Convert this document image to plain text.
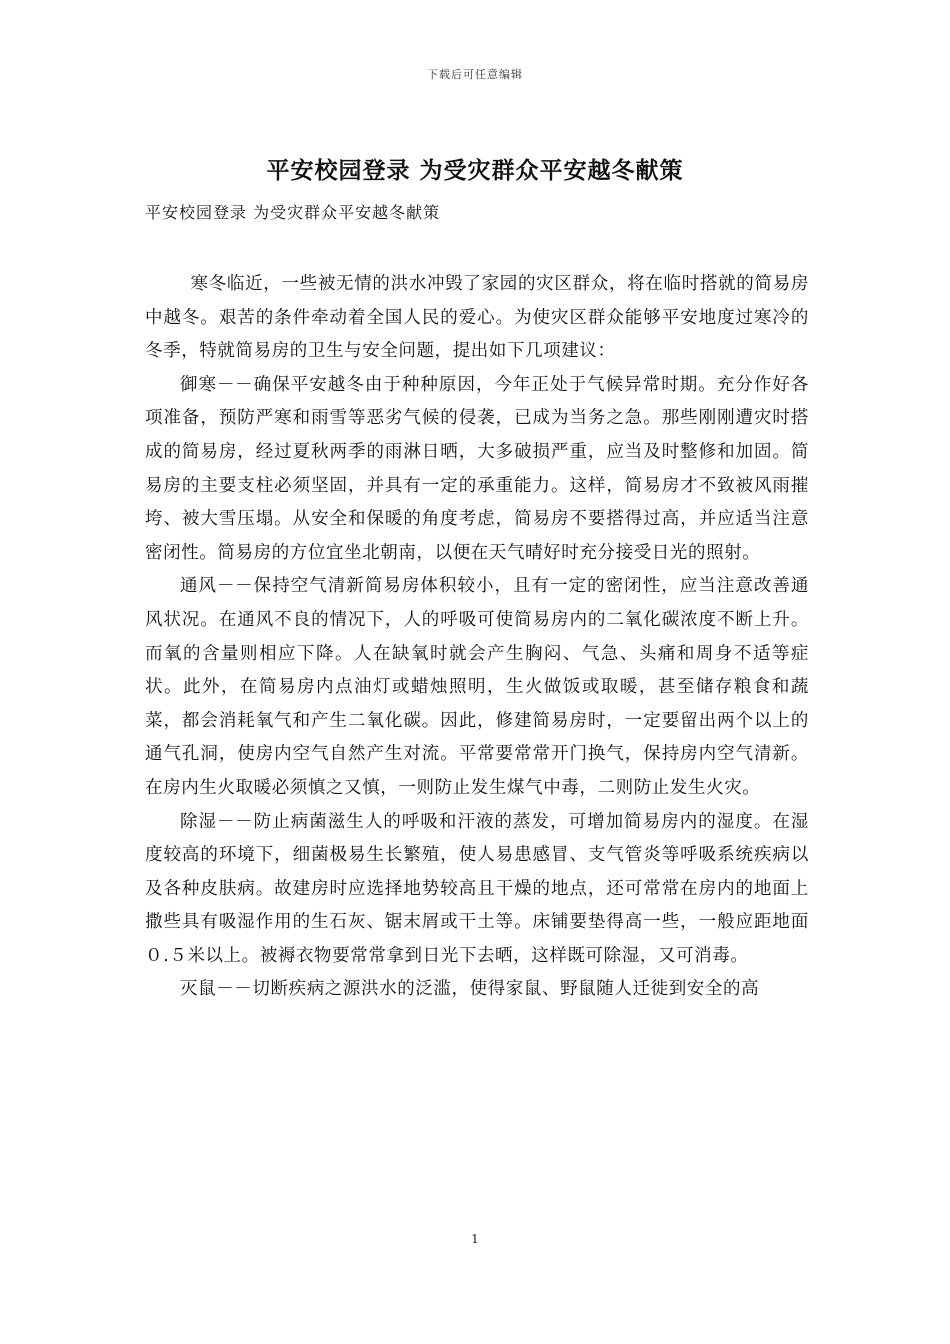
下载后可任意编辑
平安校园登录 为受灾群众平安越冬献策
平安校园登录 为受灾群众平安越冬献策

寒冬临近，一些被无情的洪水冲毁了家园的灾区群众，将在临时搭就的简易房中越冬。艰苦的条件牵动着全国人民的爱心。为使灾区群众能够平安地度过寒冷的冬季，特就简易房的卫生与安全问题，提出如下几项建议：

御寒－－确保平安越冬由于种种原因，今年正处于气候异常时期。充分作好各项准备，预防严寒和雨雪等恶劣气候的侵袭，已成为当务之急。那些刚刚遭灾时搭成的简易房，经过夏秋两季的雨淋日晒，大多破损严重，应当及时整修和加固。简易房的主要支柱必须坚固，并具有一定的承重能力。这样，简易房才不致被风雨摧垮、被大雪压塌。从安全和保暖的角度考虑，简易房不要搭得过高，并应适当注意密闭性。简易房的方位宜坐北朝南，以便在天气晴好时充分接受日光的照射。

通风－－保持空气清新简易房体积较小，且有一定的密闭性，应当注意改善通风状况。在通风不良的情况下，人的呼吸可使简易房内的二氧化碳浓度不断上升。而氧的含量则相应下降。人在缺氧时就会产生胸闷、气急、头痛和周身不适等症状。此外，在简易房内点油灯或蜡烛照明，生火做饭或取暖，甚至储存粮食和蔬菜，都会消耗氧气和产生二氧化碳。因此，修建简易房时，一定要留出两个以上的通气孔洞，使房内空气自然产生对流。平常要常常开门换气，保持房内空气清新。在房内生火取暖必须慎之又慎，一则防止发生煤气中毒，二则防止发生火灾。

除湿－－防止病菌滋生人的呼吸和汗液的蒸发，可增加简易房内的湿度。在湿度较高的环境下，细菌极易生长繁殖，使人易患感冒、支气管炎等呼吸系统疾病以及各种皮肤病。故建房时应选择地势较高且干燥的地点，还可常常在房内的地面上撒些具有吸湿作用的生石灰、锯末屑或干土等。床铺要垫得高一些，一般应距地面０.５米以上。被褥衣物要常常拿到日光下去晒，这样既可除湿，又可消毒。

灭鼠－－切断疾病之源洪水的泛滥，使得家鼠、野鼠随人迁徙到安全的高

1
